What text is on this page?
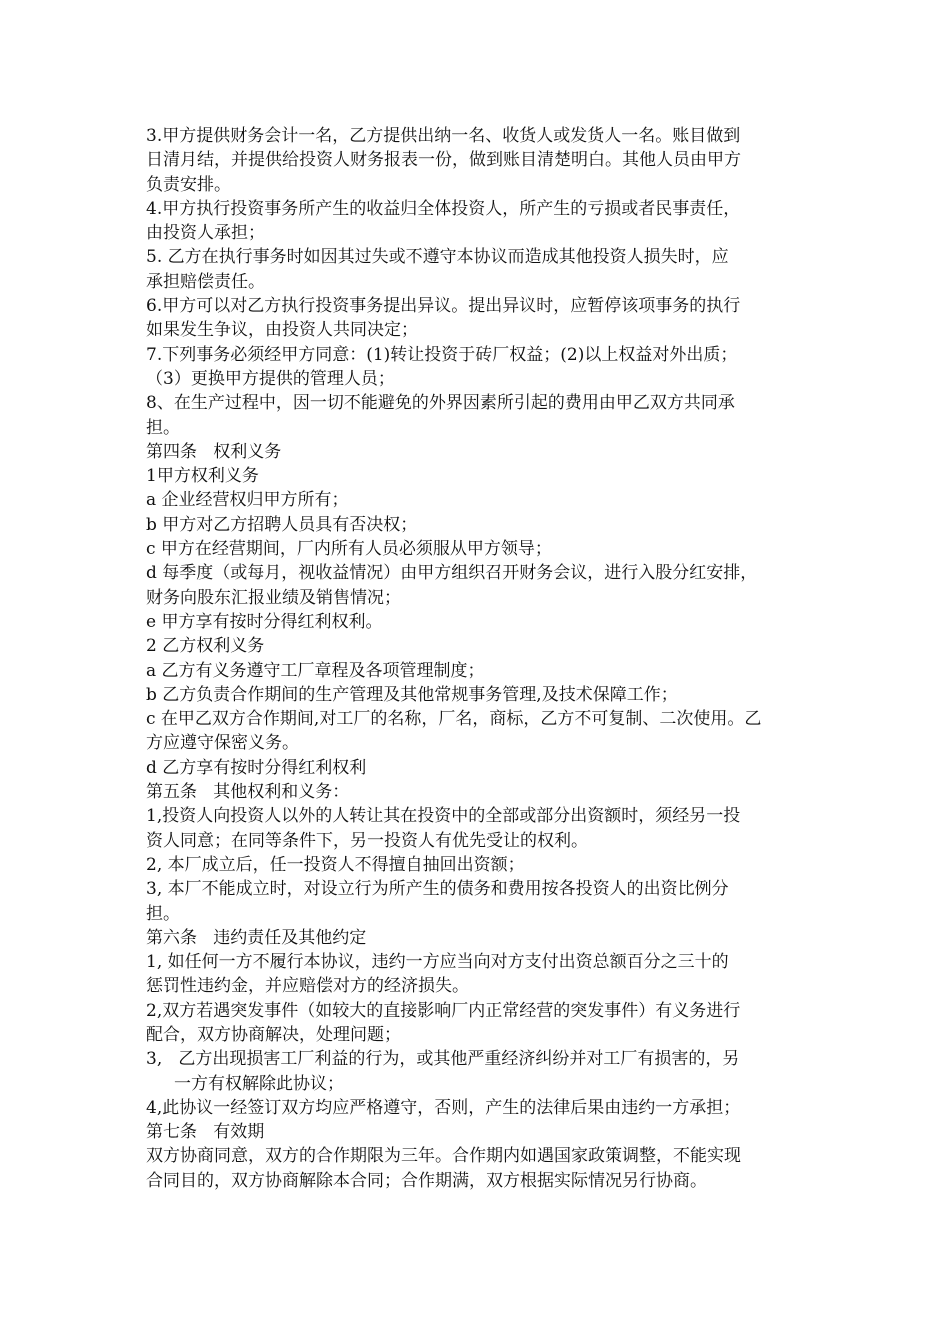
3.甲方提供财务会计一名，乙方提供出纳一名、收货人或发货人一名。账目做到
日清月结，并提供给投资人财务报表一份，做到账目清楚明白。其他人员由甲方
负责安排。
4.甲方执行投资事务所产生的收益归全体投资人，所产生的亏损或者民事责任，
由投资人承担；
5. 乙方在执行事务时如因其过失或不遵守本协议而造成其他投资人损失时，应
承担赔偿责任。
6.甲方可以对乙方执行投资事务提出异议。提出异议时，应暂停该项事务的执行
如果发生争议，由投资人共同决定；
7.下列事务必须经甲方同意：(1)转让投资于砖厂权益；(2)以上权益对外出质；
（3）更换甲方提供的管理人员；
8、在生产过程中，因一切不能避免的外界因素所引起的费用由甲乙双方共同承
担。
第四条   权利义务
1甲方权利义务
a 企业经营权归甲方所有；
b 甲方对乙方招聘人员具有否决权；
c 甲方在经营期间，厂内所有人员必须服从甲方领导；
d 每季度（或每月，视收益情况）由甲方组织召开财务会议，进行入股分红安排，
财务向股东汇报业绩及销售情况；
e 甲方享有按时分得红利权利。
2 乙方权利义务
a 乙方有义务遵守工厂章程及各项管理制度；
b 乙方负责合作期间的生产管理及其他常规事务管理,及技术保障工作；
c 在甲乙双方合作期间,对工厂的名称，厂名，商标，乙方不可复制、二次使用。乙
方应遵守保密义务。
d 乙方享有按时分得红利权利
第五条   其他权利和义务：
1,投资人向投资人以外的人转让其在投资中的全部或部分出资额时，须经另一投
资人同意；在同等条件下，另一投资人有优先受让的权利。
2, 本厂成立后，任一投资人不得擅自抽回出资额；
3, 本厂不能成立时，对设立行为所产生的债务和费用按各投资人的出资比例分
担。
第六条   违约责任及其他约定
1, 如任何一方不履行本协议，违约一方应当向对方支付出资总额百分之三十的
惩罚性违约金，并应赔偿对方的经济损失。
2,双方若遇突发事件（如较大的直接影响厂内正常经营的突发事件）有义务进行
配合，双方协商解决，处理问题；
3,   乙方出现损害工厂利益的行为，或其他严重经济纠纷并对工厂有损害的，另
一方有权解除此协议；
4,此协议一经签订双方均应严格遵守，否则，产生的法律后果由违约一方承担；
第七条   有效期
双方协商同意，双方的合作期限为三年。合作期内如遇国家政策调整，不能实现
合同目的，双方协商解除本合同；合作期满，双方根据实际情况另行协商。
